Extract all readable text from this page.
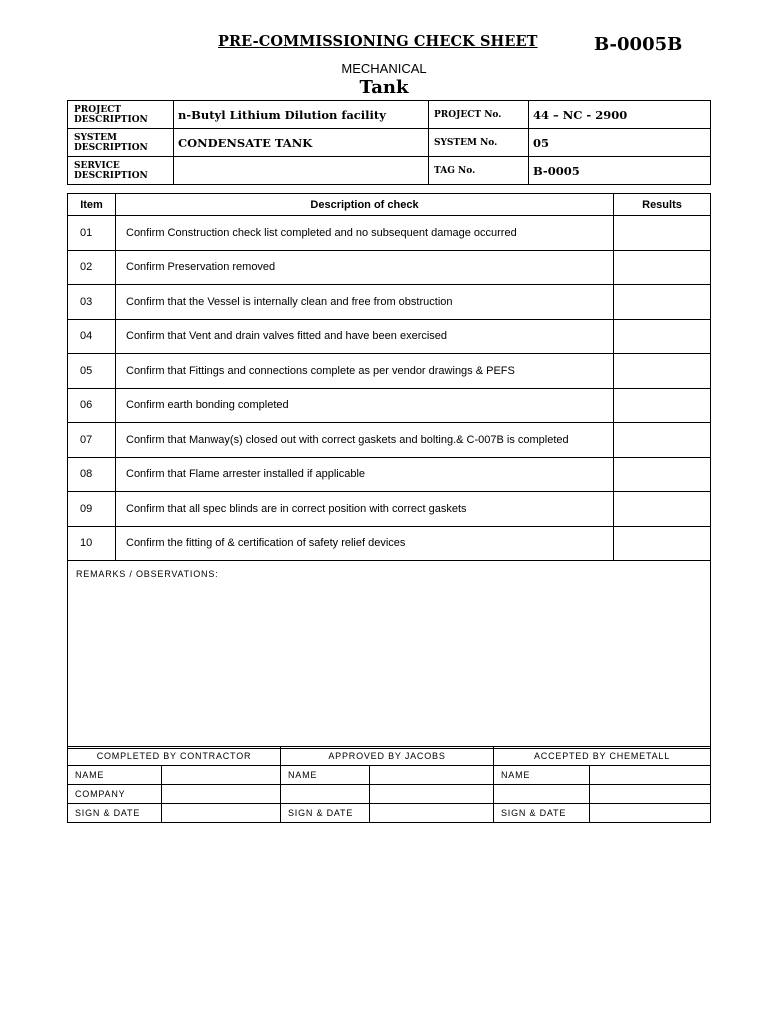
PRE-COMMISSIONING CHECK SHEET	B-0005B
MECHANICAL
Tank
PROJECT DESCRIPTION	n-Butyl Lithium Dilution facility	PROJECT No.	44 – NC - 2900
SYSTEM DESCRIPTION	CONDENSATE TANK	SYSTEM No.	05
SERVICE DESCRIPTION		TAG No.	B-0005
Item	Description of check	Results
01	Confirm Construction check list completed and no subsequent damage occurred	
02	Confirm Preservation removed	
03	Confirm that the Vessel is internally clean and free from obstruction	
04	Confirm that Vent and drain valves fitted and have been exercised	
05	Confirm that Fittings and connections complete as per vendor drawings & PEFS	
06	Confirm earth bonding completed	
07	Confirm that Manway(s) closed out with correct gaskets and bolting.& C-007B is completed	
08	Confirm that Flame arrester installed if applicable	
09	Confirm that all spec blinds are in correct position with correct gaskets	
10	Confirm the fitting of & certification of safety relief devices	
REMARKS / OBSERVATIONS:		
COMPLETED BY CONTRACTOR		APPROVED BY JACOBS		ACCEPTED BY CHEMETALL	
NAME		NAME		NAME	
COMPANY					
SIGN & DATE		SIGN & DATE		SIGN & DATE	
